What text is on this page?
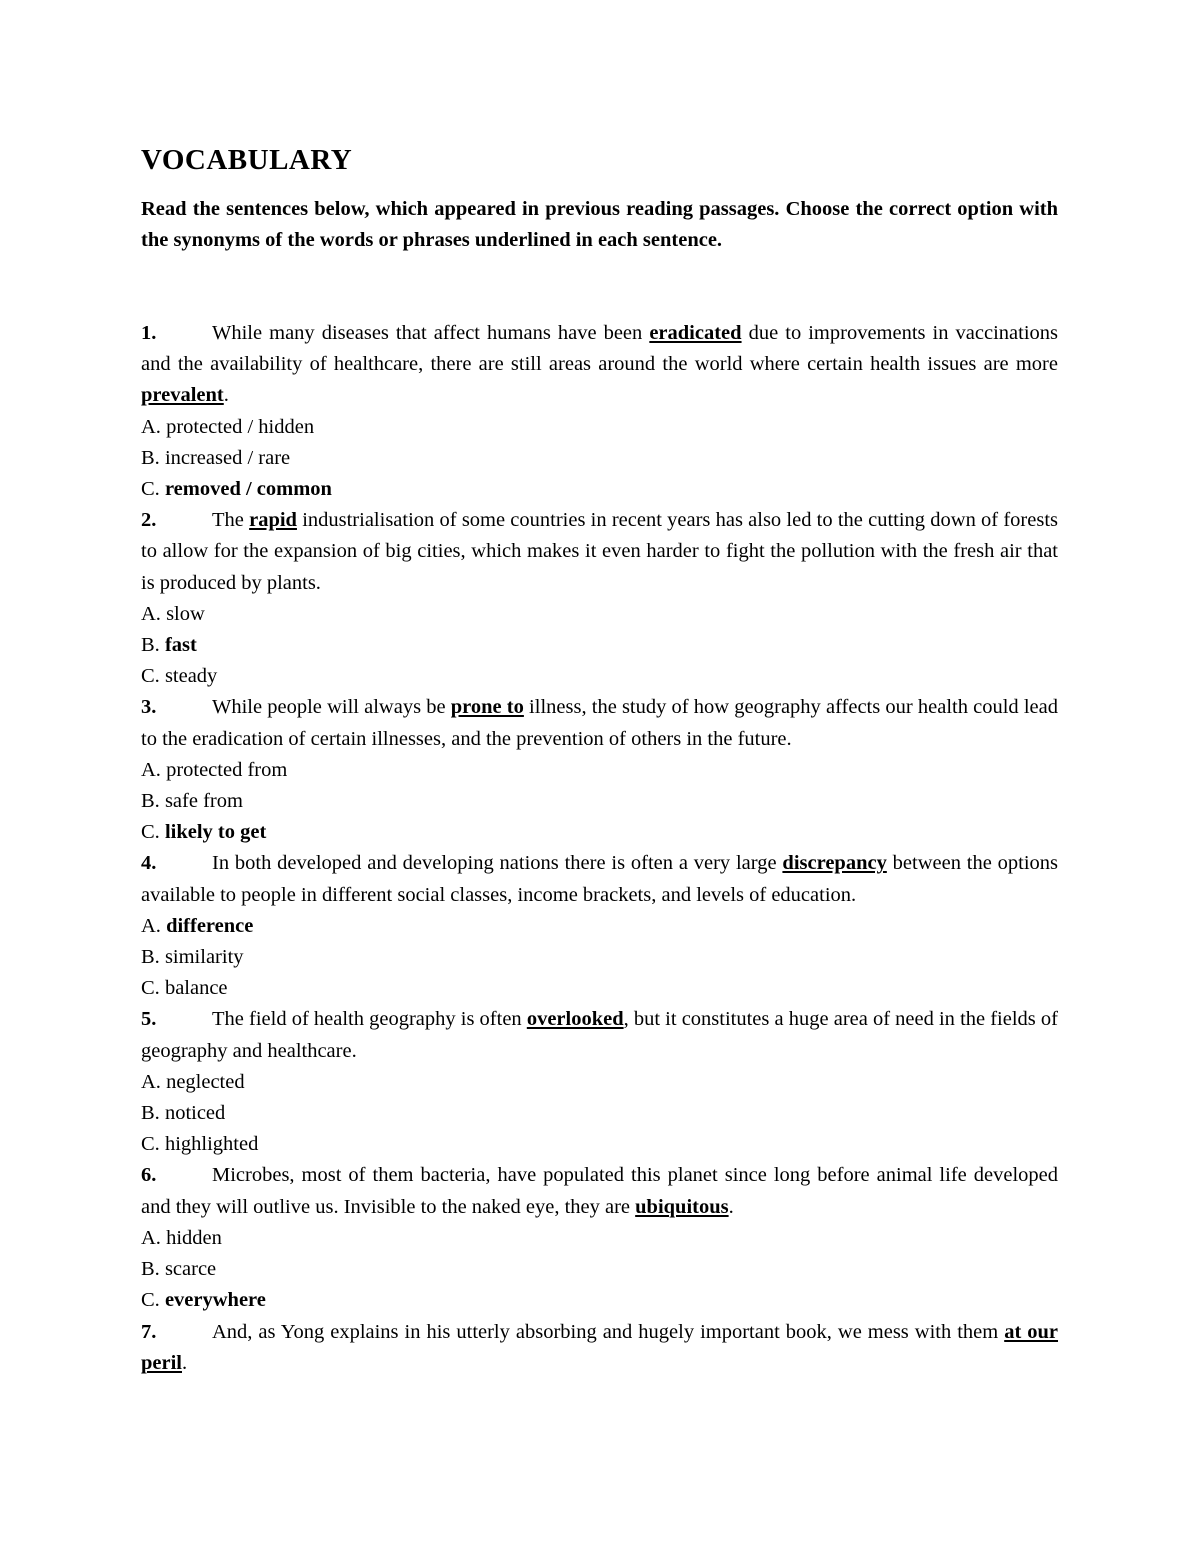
VOCABULARY

Read the sentences below, which appeared in previous reading passages. Choose the correct option with the synonyms of the words or phrases underlined in each sentence.

1.	While many diseases that affect humans have been eradicated due to improvements in vaccinations and the availability of healthcare, there are still areas around the world where certain health issues are more prevalent.

A. protected / hidden
B. increased / rare
C. removed / common

2.	The rapid industrialisation of some countries in recent years has also led to the cutting down of forests to allow for the expansion of big cities, which makes it even harder to fight the pollution with the fresh air that is produced by plants.

A. slow
B. fast
C. steady

3.	While people will always be prone to illness, the study of how geography affects our health could lead to the eradication of certain illnesses, and the prevention of others in the future.

A. protected from
B. safe from
C. likely to get

4.	In both developed and developing nations there is often a very large discrepancy between the options available to people in different social classes, income brackets, and levels of education.

A. difference
B. similarity
C. balance

5.	The field of health geography is often overlooked, but it constitutes a huge area of need in the fields of geography and healthcare.

A. neglected
B. noticed
C. highlighted

6.	Microbes, most of them bacteria, have populated this planet since long before animal life developed and they will outlive us. Invisible to the naked eye, they are ubiquitous.

A. hidden
B. scarce
C. everywhere

7.	And, as Yong explains in his utterly absorbing and hugely important book, we mess with them at our peril.
